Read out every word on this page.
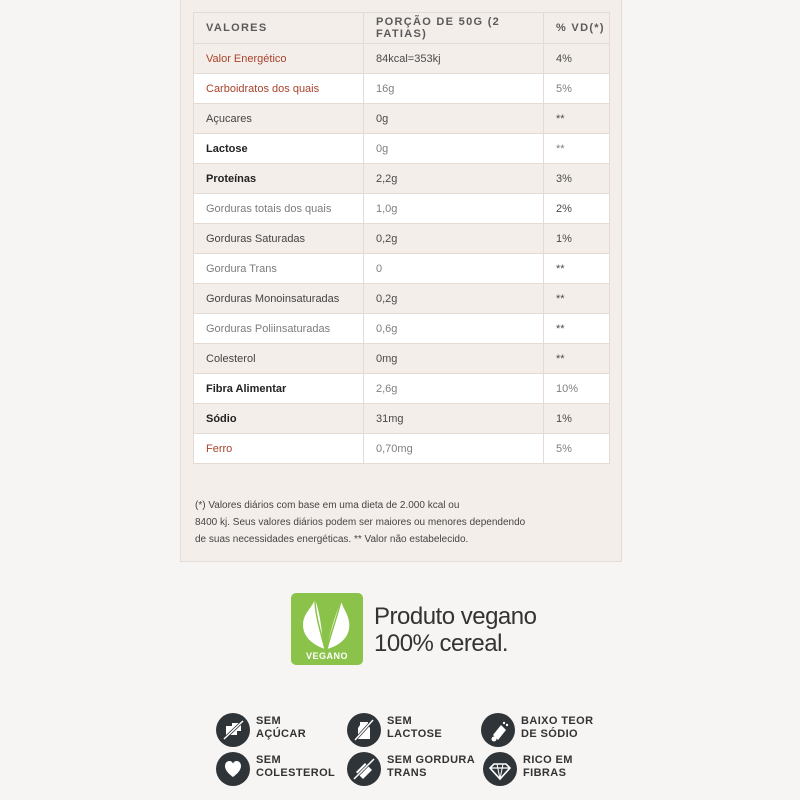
VALORES	PORÇÃO DE 50G (2 FATIAS)	% VD(*)
Valor Energético	84kcal=353kj	4%
Carboidratos dos quais	16g	5%
Açucares	0g	**
Lactose	0g	**
Proteínas	2,2g	3%
Gorduras totais dos quais	1,0g	2%
Gorduras Saturadas	0,2g	1%
Gordura Trans	0	**
Gorduras Monoinsaturadas	0,2g	**
Gorduras Poliinsaturadas	0,6g	**
Colesterol	0mg	**
Fibra Alimentar	2,6g	10%
Sódio	31mg	1%
Ferro	0,70mg	5%
(*) Valores diários com base em uma dieta de 2.000 kcal ou
8400 kj. Seus valores diários podem ser maiores ou menores dependendo
de suas necessidades energéticas. ** Valor não estabelecido.
VEGANO
Produto vegano
100% cereal.
SEM
AÇÚCAR
SEM
LACTOSE
BAIXO TEOR
DE SÓDIO
SEM
COLESTEROL
SEM GORDURA
TRANS
RICO EM
FIBRAS
